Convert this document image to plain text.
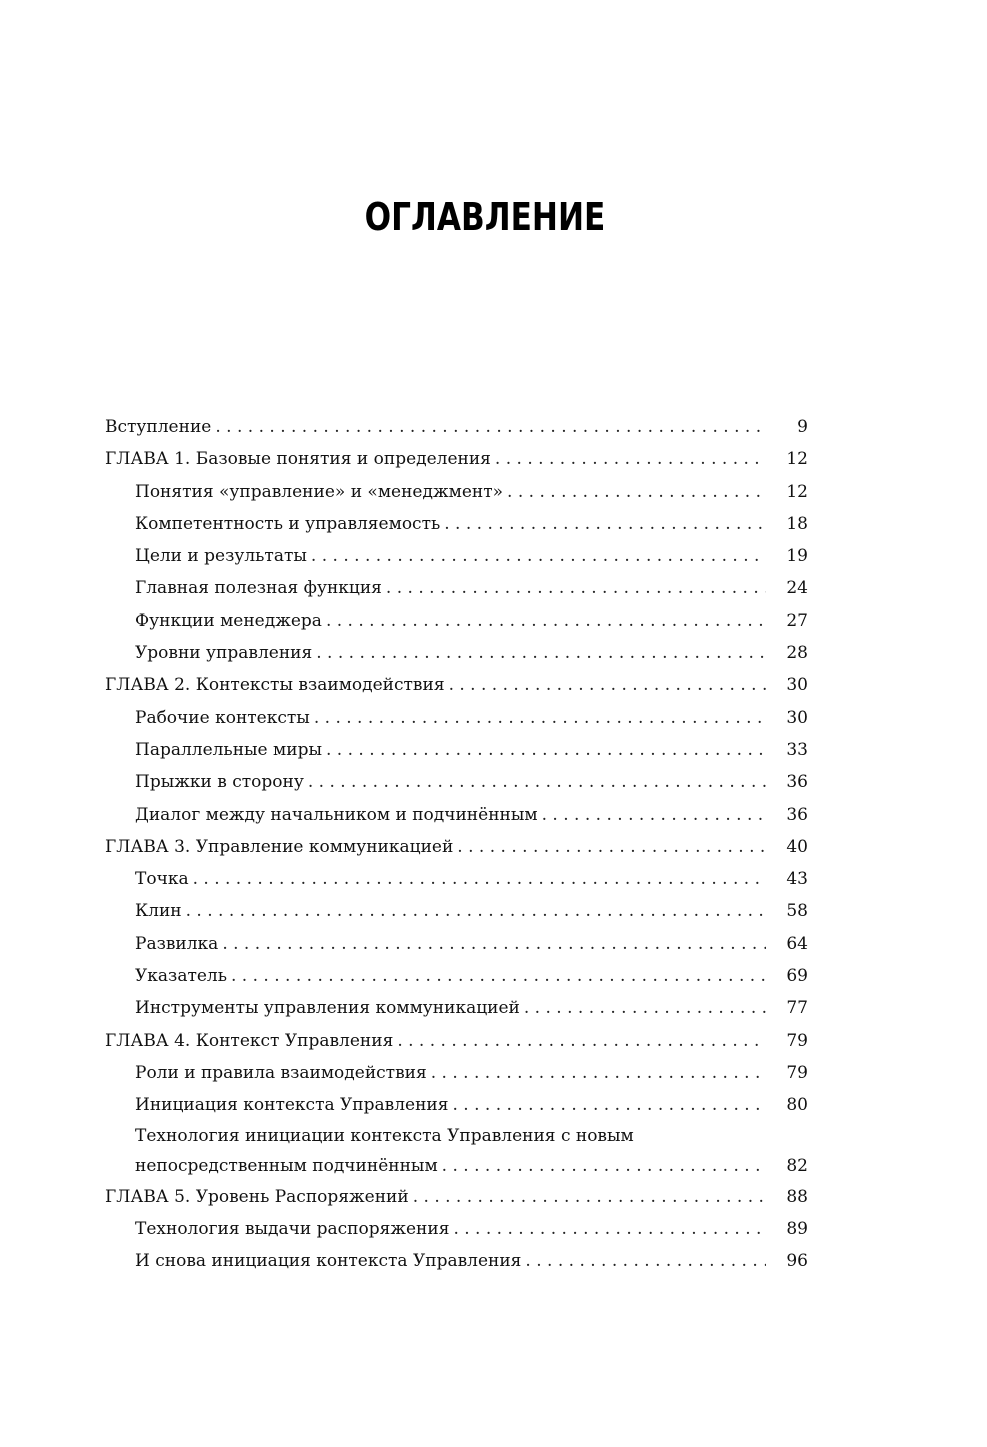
ОГЛАВЛЕНИЕ
Вступление . . .	9
ГЛАВА 1. Базовые понятия и определения . . .	12
Понятия «управление» и «менеджмент» . . .	12
Компетентность и управляемость . . .	18
Цели и результаты . . .	19
Главная полезная функция . . .	24
Функции менеджера . . .	27
Уровни управления . . .	28
ГЛАВА 2. Контексты взаимодействия . . .	30
Рабочие контексты . . .	30
Параллельные миры . . .	33
Прыжки в сторону . . .	36
Диалог между начальником и подчинённым . . .	36
ГЛАВА 3. Управление коммуникацией . . .	40
Точка . . .	43
Клин . . .	58
Развилка . . .	64
Указатель . . .	69
Инструменты управления коммуникацией . . .	77
ГЛАВА 4. Контекст Управления . . .	79
Роли и правила взаимодействия . . .	79
Инициация контекста Управления . . .	80
Технология инициации контекста Управления с новым
непосредственным подчинённым . . .	82
ГЛАВА 5. Уровень Распоряжений . . .	88
Технология выдачи распоряжения . . .	89
И снова инициация контекста Управления . . .	96
